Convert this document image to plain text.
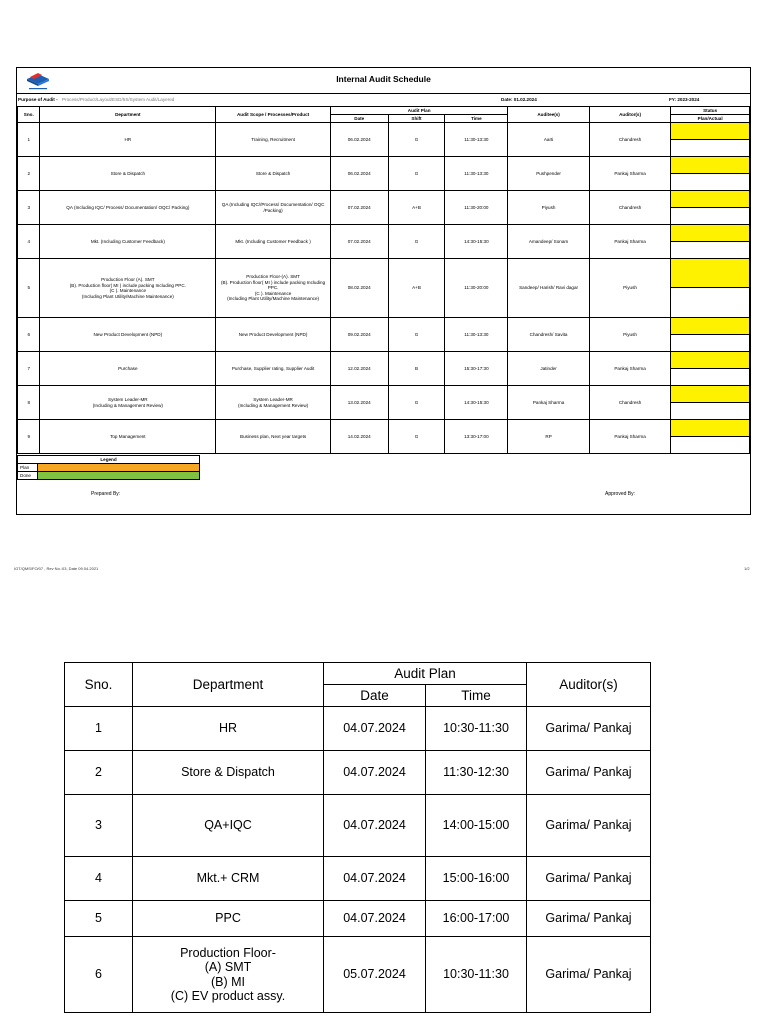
Internal Audit Schedule
Purpose of Audit - Process/Product/Layout/ESD/5S/System Audit/Layered	Date: 01.02.2024	FY: 2023-2024
Sno.	Department	Audit Scope / Processes/Product	Audit Plan			Auditee(s)	Auditor(s)	Status
			Date	Shift	Time			Plan/Actual
1	HR	Training, Recruitment	06.02.2024	G	11:30-13:30	Aarti	Chandresh	

2	Store & Dispatch	Store & Dispatch	06.02.2024	G	11:30-13:30	Pushpender	Pankaj Sharma	

3	QA (Including IQC/ Process/ Documentation/ OQC/ Packing)	QA (Including IQC//Process/ Documentation/ OQC /Packing)	07.02.2024	A+B	11:30-20:00	Piyush	Chandresh	

4	Mkt. (Including Customer Feedback)	Mkt. (Including Customer Feedback )	07.02.2024	G	14:30-15:30	Amandeep/ Sonam	Pankaj Sharma	

5	Production Floor (A). SMT
(B). Production floor( MI ) include packing Including PPC.
(C ). Maintenance
(Including Plant Utility/Machine Maintenance)	Production Floor-(A). SMT
(B). Production floor( MI ) include packing Including PPC.
(C ). Maintenance
(Including Plant Utility/Machine Maintenance)	08.02.2024	A+B	11:30-20:00	Sandeep/ Harish/ Ravi dagar	Piyush	

6	New Product Development (NPD)	New Product Development (NPD)	09.02.2024	G	11:30-13:30	Chandresh/ Savita	Piyush	

7	Purchase	Purchase, Supplier rating, Supplier Audit	12.02.2024	B	15:30-17:30	Jatinder	Pankaj Sharma	

8	System Leader-MR
(Including & Management Review)	System Leader-MR
(Including & Management Review)	13.02.2024	G	14:30-15:30	Pankaj Sharma	Chandresh	

9	Top Management	Business plan, Next year targets	14.02.2024	G	13:30-17:00	RP	Pankaj Sharma	
Legend	
Plan	
Done	
Prepared By:	Approved By:
IGT/QMS/FO/07 , Rev No.:03, Date 09.04.2021	1/2
Sno.	Department	Audit Plan		Auditor(s)
		Date	Time	
1	HR	04.07.2024	10:30-11:30	Garima/ Pankaj
2	Store & Dispatch	04.07.2024	11:30-12:30	Garima/ Pankaj
3	QA+IQC	04.07.2024	14:00-15:00	Garima/ Pankaj
4	Mkt.+ CRM	04.07.2024	15:00-16:00	Garima/ Pankaj
5	PPC	04.07.2024	16:00-17:00	Garima/ Pankaj
6	Production Floor-
(A) SMT
(B) MI
(C) EV product assy.	05.07.2024	10:30-11:30	Garima/ Pankaj
